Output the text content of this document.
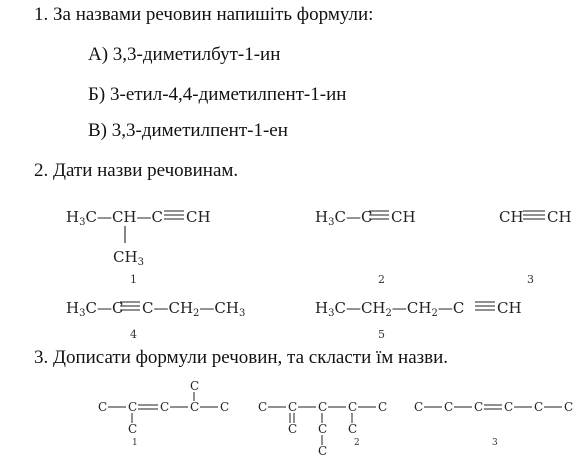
1. За назвами речовин напишіть формули:
А) 3,3-диметилбут-1-ин
Б) 3-етил-4,4-диметилпент-1-ин
В) 3,3-диметилпент-1-ен
2. Дати назви речовинам.
$H_3C—CH—C$ CH
$CH_3$
$H_3C—C$ CH	CH CH
$H_3C—C$ $C—CH_2—CH_3$	$H_3C—CH_2—CH_2—C$ CH
1	2	3
4	5
3. Дописати формули речовин, та скласти їм назви.
C C C C C
C
C
C C C C C
C C
C
C
C C C C C C
1	2	3
